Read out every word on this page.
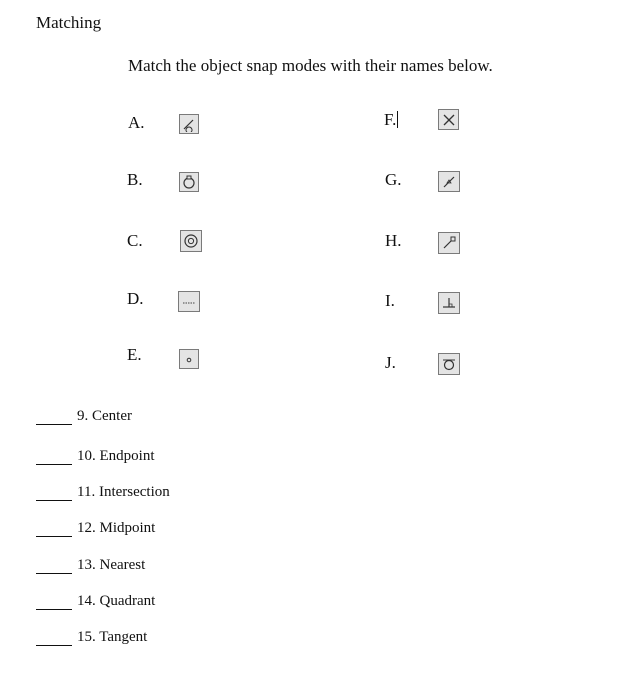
Matching
Match the object snap modes with their names below.
A.
B.
C.
D.
E.
F.
G.
H.
I.
J.
9. Center
10. Endpoint
11. Intersection
12. Midpoint
13. Nearest
14. Quadrant
15. Tangent
